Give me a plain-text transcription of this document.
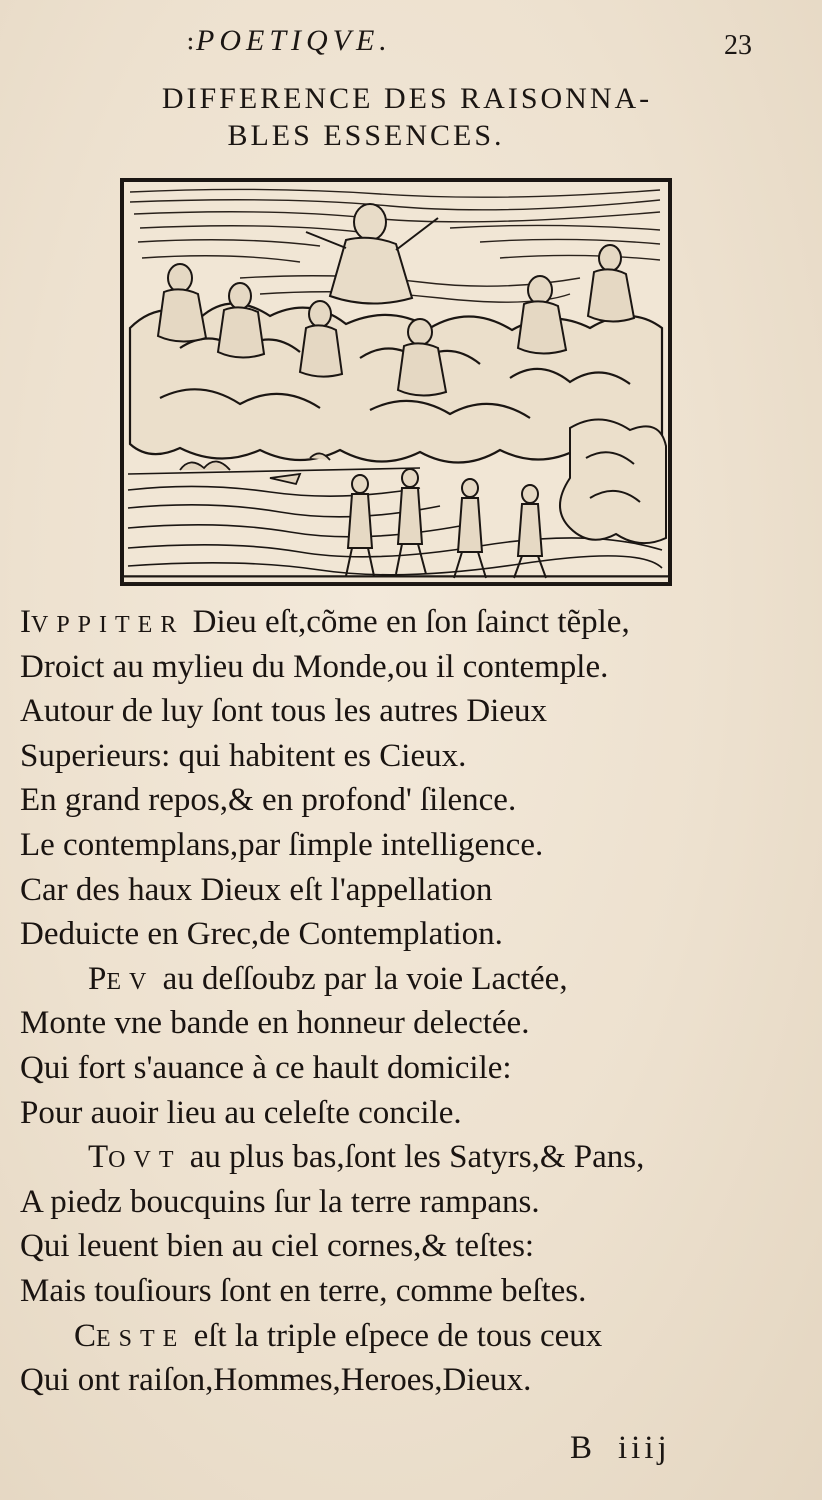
: POETIQVE.	23
DIFFERENCE DES RAISONNA-
BLES ESSENCES.
IVPPITER Dieu eſt,cõme en ſon ſainct tẽple,
Droict au mylieu du Monde,ou il contemple.
Autour de luy ſont tous les autres Dieux
Superieurs: qui habitent es Cieux.
En grand repos,& en profond' ſilence.
Le contemplans,par ſimple intelligence.
Car des haux Dieux eſt l'appellation
Deduicte en Grec,de Contemplation.
PEV au deſſoubz par la voie Lactée,
Monte vne bande en honneur delectée.
Qui fort s'auance à ce hault domicile:
Pour auoir lieu au celeſte concile.
TOVT au plus bas,ſont les Satyrs,& Pans,
A piedz boucquins ſur la terre rampans.
Qui leuent bien au ciel cornes,& teſtes:
Mais touſiours ſont en terre, comme beſtes.
CESTE eſt la triple eſpece de tous ceux
Qui ont raiſon,Hommes,Heroes,Dieux.
B iiij
